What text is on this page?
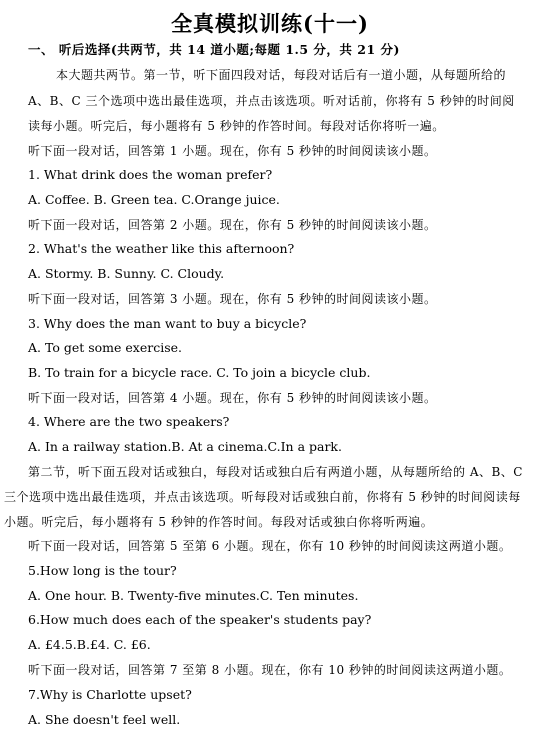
全真模拟训练(十一)
一、 听后选择(共两节，共 14 道小题;每题 1.5 分，共 21 分)
本大题共两节。第一节，听下面四段对话，每段对话后有一道小题，从每题所给的
A、B、C 三个选项中选出最佳选项，并点击该选项。听对话前，你将有 5 秒钟的时间阅
读每小题。听完后，每小题将有 5 秒钟的作答时间。每段对话你将听一遍。
听下面一段对话，回答第 1 小题。现在，你有 5 秒钟的时间阅读该小题。
1. What drink does the woman prefer?
A. Coffee. B. Green tea. C.Orange juice.
听下面一段对话，回答第 2 小题。现在，你有 5 秒钟的时间阅读该小题。
2. What's the weather like this afternoon?
A. Stormy. B. Sunny. C. Cloudy.
听下面一段对话，回答第 3 小题。现在，你有 5 秒钟的时间阅读该小题。
3. Why does the man want to buy a bicycle?
A. To get some exercise.
B. To train for a bicycle race. C. To join a bicycle club.
听下面一段对话，回答第 4 小题。现在，你有 5 秒钟的时间阅读该小题。
4. Where are the two speakers?
A. In a railway station.B. At a cinema.C.In a park.
第二节，听下面五段对话或独白，每段对话或独白后有两道小题，从每题所给的 A、B、C
三个选项中选出最佳选项，并点击该选项。听每段对话或独白前，你将有 5 秒钟的时间阅读每
小题。听完后，每小题将有 5 秒钟的作答时间。每段对话或独白你将听两遍。
听下面一段对话，回答第 5 至第 6 小题。现在，你有 10 秒钟的时间阅读这两道小题。
5.How long is the tour?
A. One hour. B. Twenty-five minutes.C. Ten minutes.
6.How much does each of the speaker's students pay?
A. £4.5.B.£4. C. £6.
听下面一段对话，回答第 7 至第 8 小题。现在，你有 10 秒钟的时间阅读这两道小题。
7.Why is Charlotte upset?
A. She doesn't feel well.
